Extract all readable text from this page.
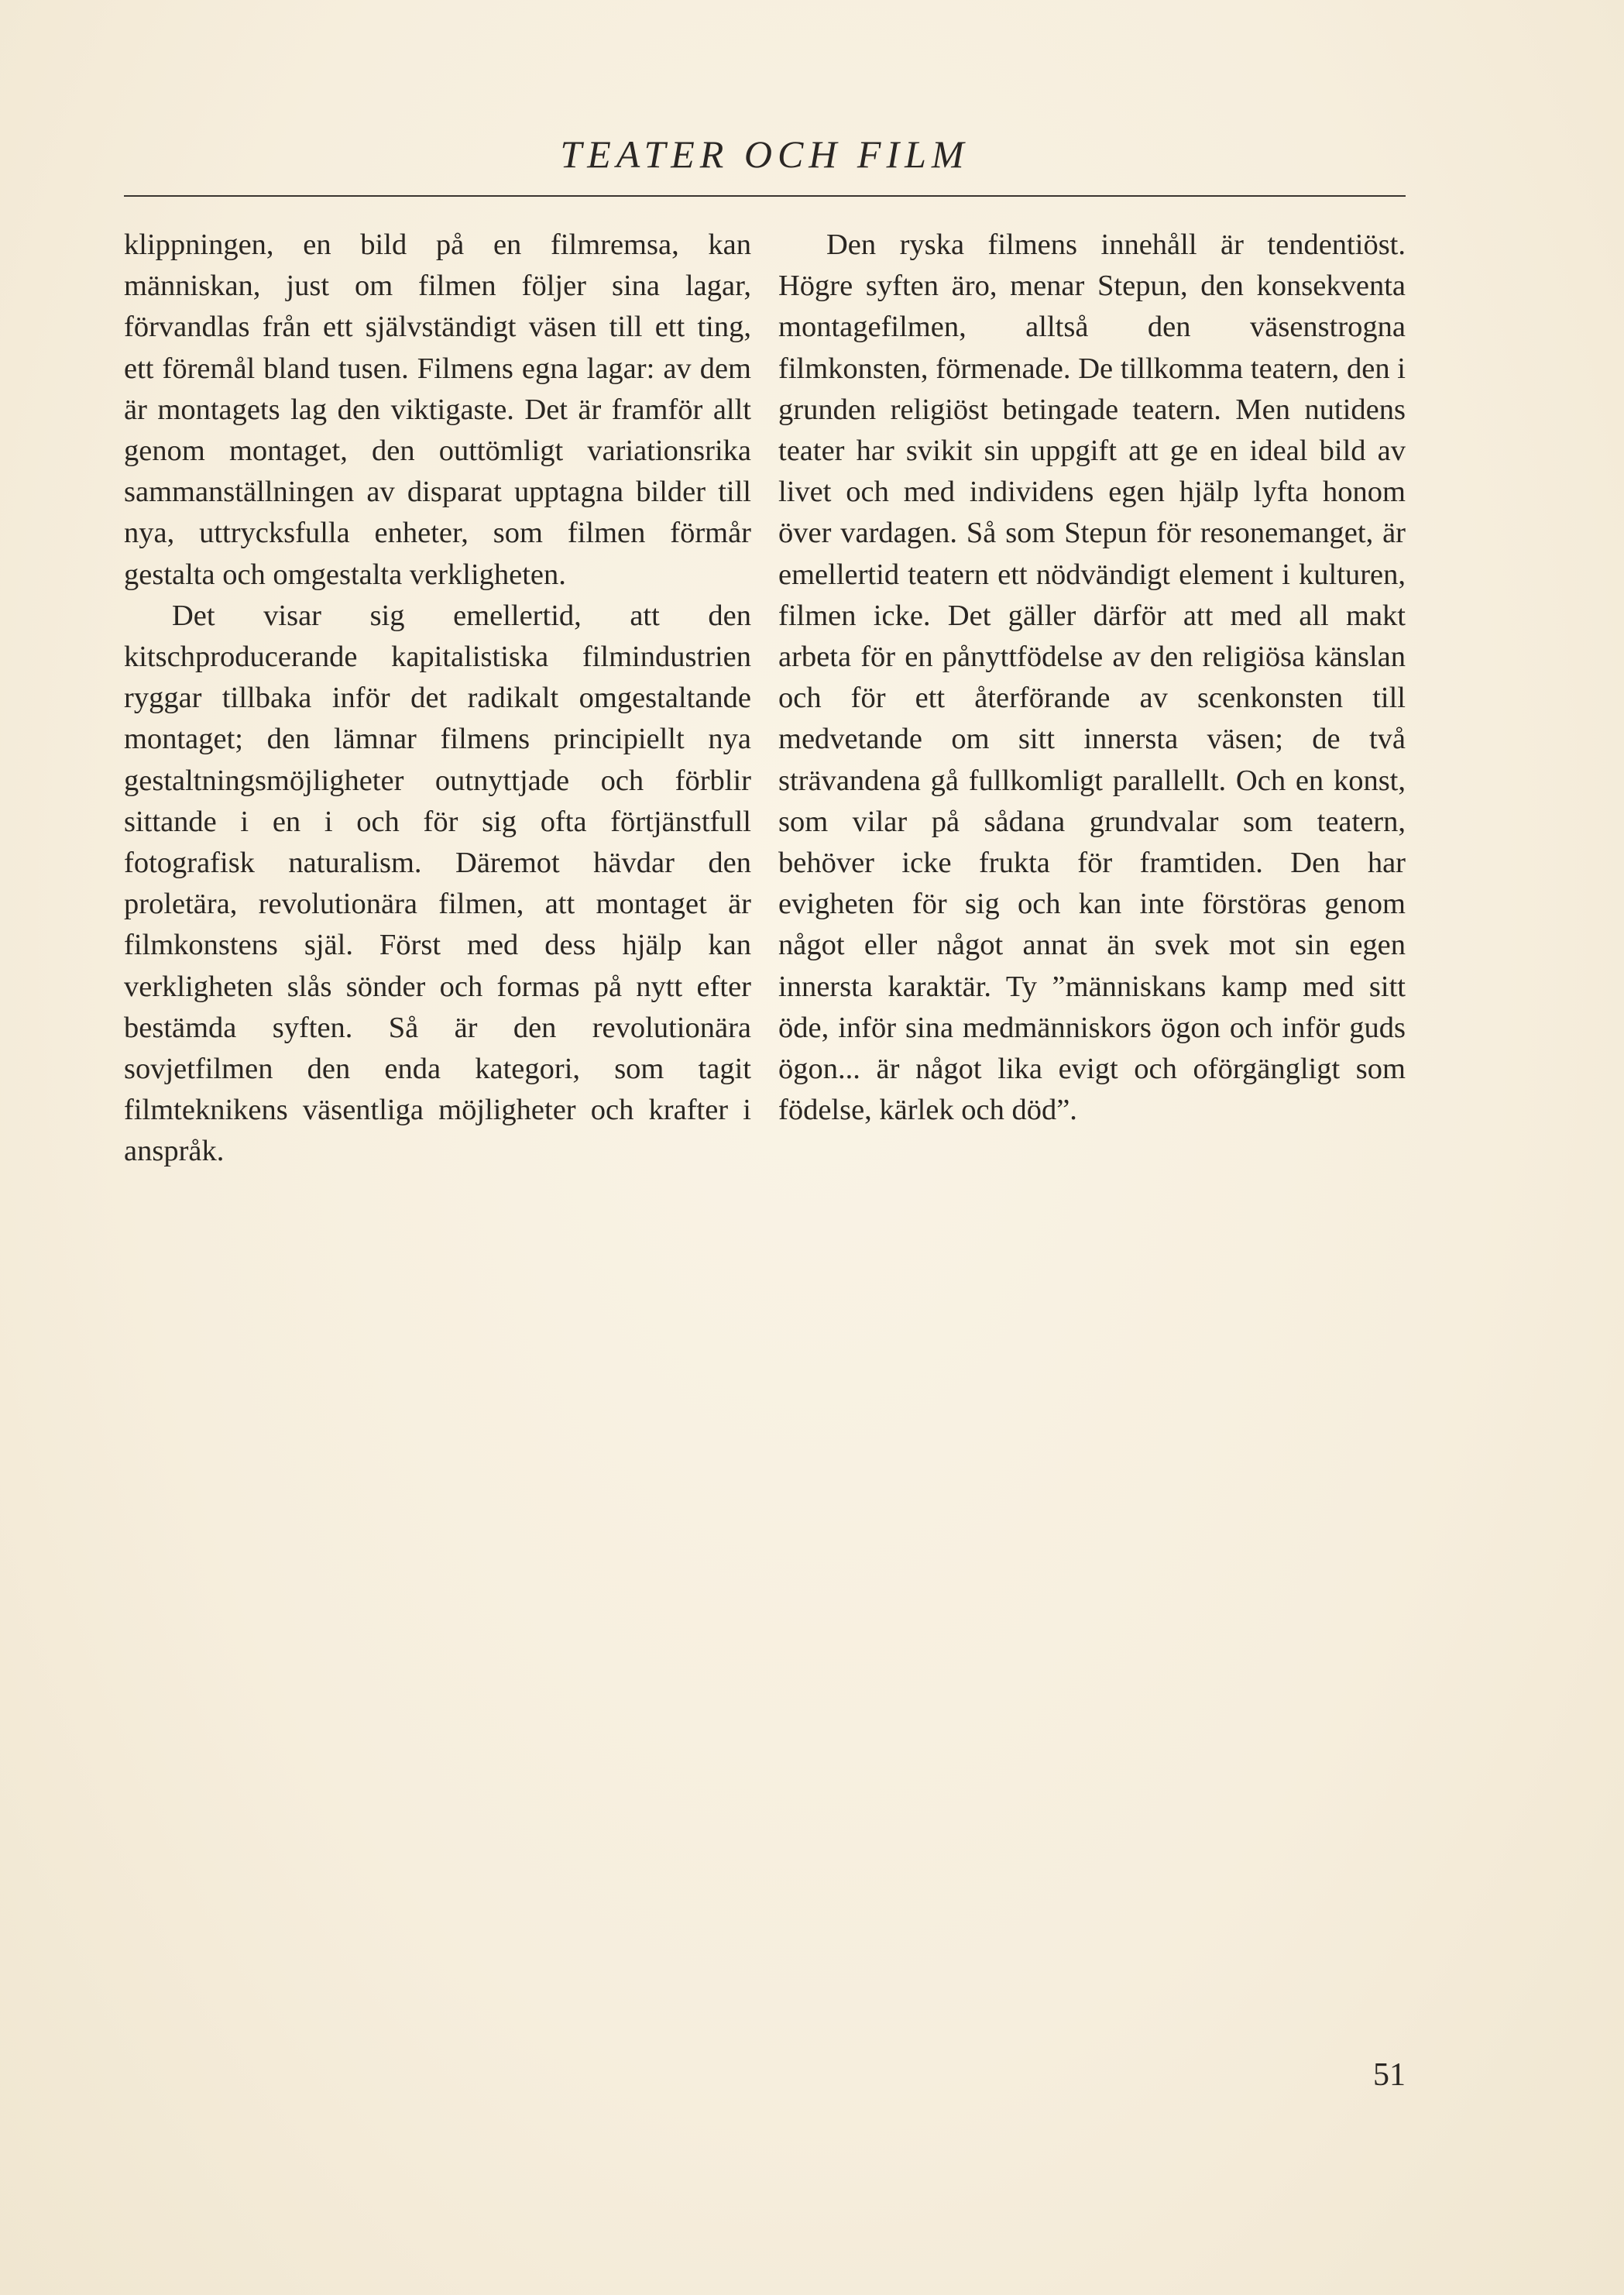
TEATER OCH FILM

klippningen, en bild på en filmremsa, kan människan, just om filmen följer sina lagar, förvandlas från ett självständigt väsen till ett ting, ett föremål bland tusen. Filmens egna lagar: av dem är montagets lag den viktigaste. Det är framför allt genom montaget, den outtömligt variationsrika sammanställningen av disparat upptagna bilder till nya, uttrycksfulla enheter, som filmen förmår gestalta och omgestalta verkligheten.

Det visar sig emellertid, att den kitschproducerande kapitalistiska filmindustrien ryggar tillbaka inför det radikalt omgestaltande montaget; den lämnar filmens principiellt nya gestaltningsmöjligheter outnyttjade och förblir sittande i en i och för sig ofta förtjänstfull fotografisk naturalism. Däremot hävdar den proletära, revolutionära filmen, att montaget är filmkonstens själ. Först med dess hjälp kan verkligheten slås sönder och formas på nytt efter bestämda syften. Så är den revolutionära sovjetfilmen den enda kategori, som tagit filmteknikens väsentliga möjligheter och krafter i anspråk.

Den ryska filmens innehåll är tendentiöst. Högre syften äro, menar Stepun, den konsekventa montagefilmen, alltså den väsenstrogna filmkonsten, förmenade. De tillkomma teatern, den i grunden religiöst betingade teatern. Men nutidens teater har svikit sin uppgift att ge en ideal bild av livet och med individens egen hjälp lyfta honom över vardagen. Så som Stepun för resonemanget, är emellertid teatern ett nödvändigt element i kulturen, filmen icke. Det gäller därför att med all makt arbeta för en pånyttfödelse av den religiösa känslan och för ett återförande av scenkonsten till medvetande om sitt innersta väsen; de två strävandena gå fullkomligt parallellt. Och en konst, som vilar på sådana grundvalar som teatern, behöver icke frukta för framtiden. Den har evigheten för sig och kan inte förstöras genom något eller något annat än svek mot sin egen innersta karaktär. Ty ”människans kamp med sitt öde, inför sina medmänniskors ögon och inför guds ögon... är något lika evigt och oförgängligt som födelse, kärlek och död”.

51
